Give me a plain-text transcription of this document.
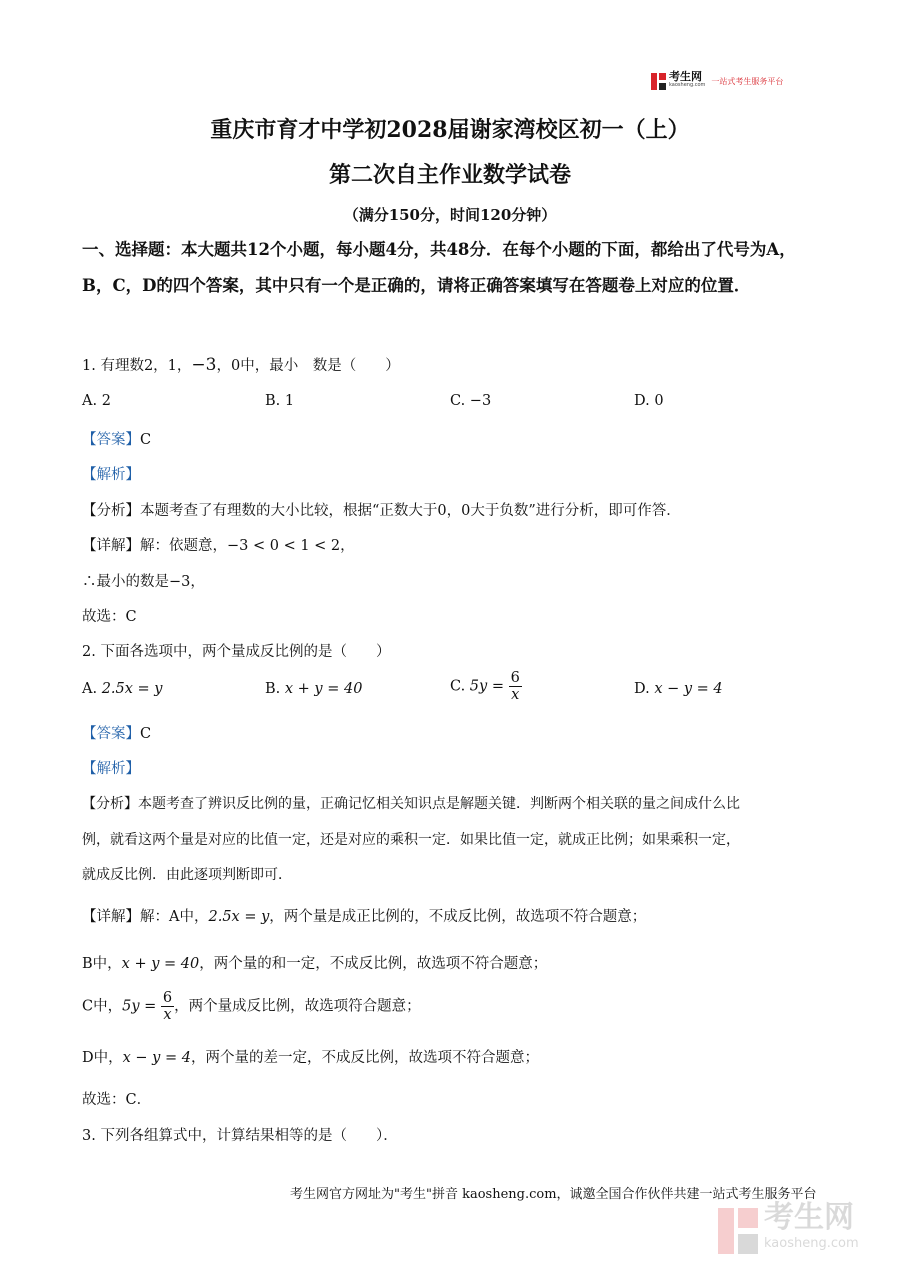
考生网
kaosheng.com 一站式考生服务平台
重庆市育才中学初2028届谢家湾校区初一（上）
第二次自主作业数学试卷
（满分150分，时间120分钟）
一、选择题：本大题共12个小题，每小题4分，共48分．在每个小题的下面，都给出了代号为A，B，C，D的四个答案，其中只有一个是正确的，请将正确答案填写在答题卷上对应的位置．
1. 有理数2，1，−3，0中，最小　数是（　　）
A. 2	B. 1	C. −3	D. 0
【答案】C
【解析】
【分析】本题考查了有理数的大小比较，根据“正数大于0，0大于负数”进行分析，即可作答．
【详解】解：依题意，−3 < 0 < 1 < 2，
∴最小的数是−3，
故选：C
2. 下面各选项中，两个量成反比例的是（　　）
A. 2.5x = y	B. x + y = 40	C. $5y = \frac{6}{x}$	D. x − y = 4
【答案】C
【解析】
【分析】本题考查了辨识反比例的量，正确记忆相关知识点是解题关键．判断两个相关联的量之间成什么比
例，就看这两个量是对应的比值一定，还是对应的乘积一定．如果比值一定，就成正比例；如果乘积一定，
就成反比例．由此逐项判断即可．
【详解】解：A中，2.5x = y，两个量是成正比例的，不成反比例，故选项不符合题意；
B中，x + y = 40，两个量的和一定，不成反比例，故选项不符合题意；
C中，$5y = \frac{6}{x}$ ，两个量成反比例，故选项符合题意；
D中，x − y = 4，两个量的差一定，不成反比例，故选项不符合题意；
故选：C．
3. 下列各组算式中，计算结果相等的是（　　）．
考生网官方网址为"考生"拼音 kaosheng.com，诚邀全国合作伙伴共建一站式考生服务平台
考生网
kaosheng.com
